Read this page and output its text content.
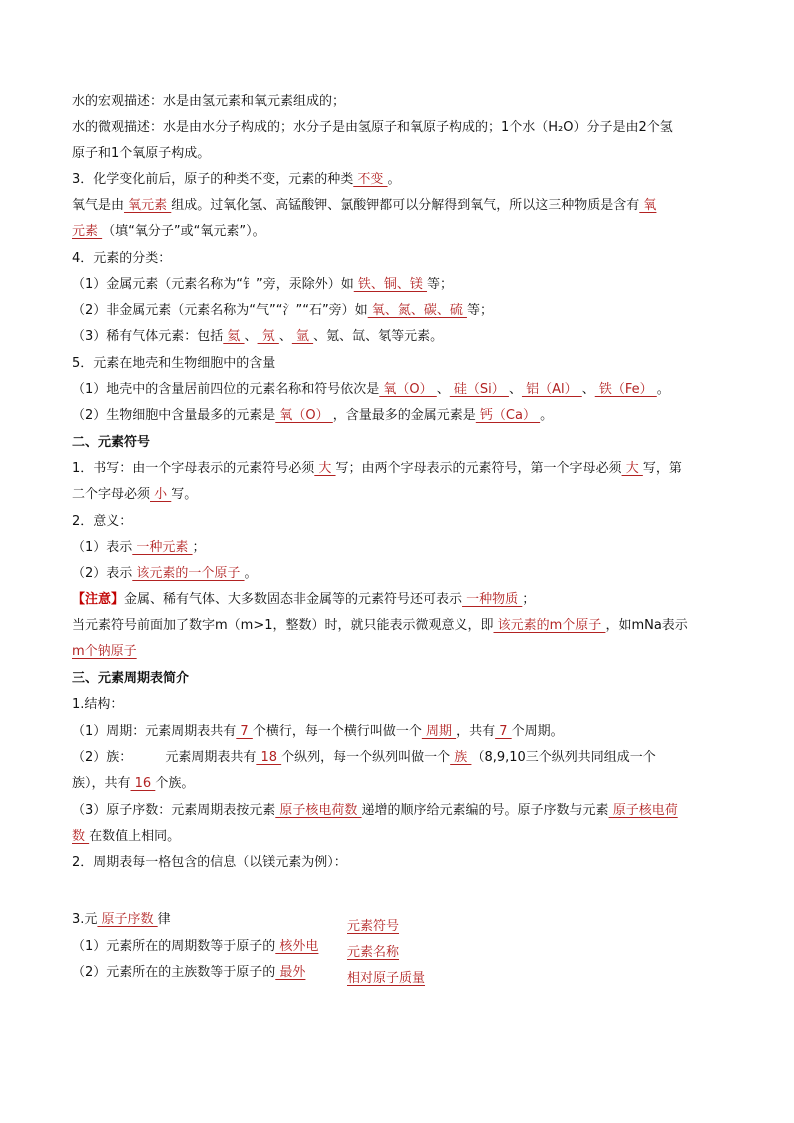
水的宏观描述：水是由氢元素和氧元素组成的；
水的微观描述：水是由水分子构成的；水分子是由氢原子和氧原子构成的；1个水（H₂O）分子是由2个氢
原子和1个氧原子构成。
3．化学变化前后，原子的种类不变，元素的种类 不变 。
氧气是由 氧元素 组成。过氧化氢、高锰酸钾、氯酸钾都可以分解得到氧气，所以这三种物质是含有 氧
元素 （填“氧分子”或“氧元素”）。
4．元素的分类：
（1）金属元素（元素名称为“钅”旁，汞除外）如 铁、铜、镁 等；
（2）非金属元素（元素名称为“气”“氵”“石”旁）如 氧、氮、碳、硫 等；
（3）稀有气体元素：包括 氦 、 氖 、 氩 、氪、氙、氡等元素。
5．元素在地壳和生物细胞中的含量
（1）地壳中的含量居前四位的元素名称和符号依次是 氧（O） 、 硅（Si） 、 铝（Al） 、 铁（Fe） 。
（2）生物细胞中含量最多的元素是 氧（O） ，含量最多的金属元素是 钙（Ca） 。
二、元素符号
1．书写：由一个字母表示的元素符号必须 大 写；由两个字母表示的元素符号，第一个字母必须 大 写，第
二个字母必须 小 写。
2．意义：
（1）表示 一种元素 ；
（2）表示 该元素的一个原子 。
【注意】金属、稀有气体、大多数固态非金属等的元素符号还可表示 一种物质 ；
当元素符号前面加了数字m（m>1，整数）时，就只能表示微观意义，即 该元素的m个原子 ，如mNa表示
m个钠原子
三、元素周期表简介
1.结构：
（1）周期：元素周期表共有 7 个横行，每一个横行叫做一个 周期 ，共有 7 个周期。
（2）族：        元素周期表共有 18 个纵列，每一个纵列叫做一个 族 （8,9,10三个纵列共同组成一个
族），共有 16 个族。
（3）原子序数：元素周期表按元素 原子核电荷数 递增的顺序给元素编的号。原子序数与元素 原子核电荷
数 在数值上相同。
2．周期表每一格包含的信息（以镁元素为例）：
3.元 原子序数 律
（1）元素所在的周期数等于原子的 核外电
（2）元素所在的主族数等于原子的 最外
元素符号
元素名称
相对原子质量
